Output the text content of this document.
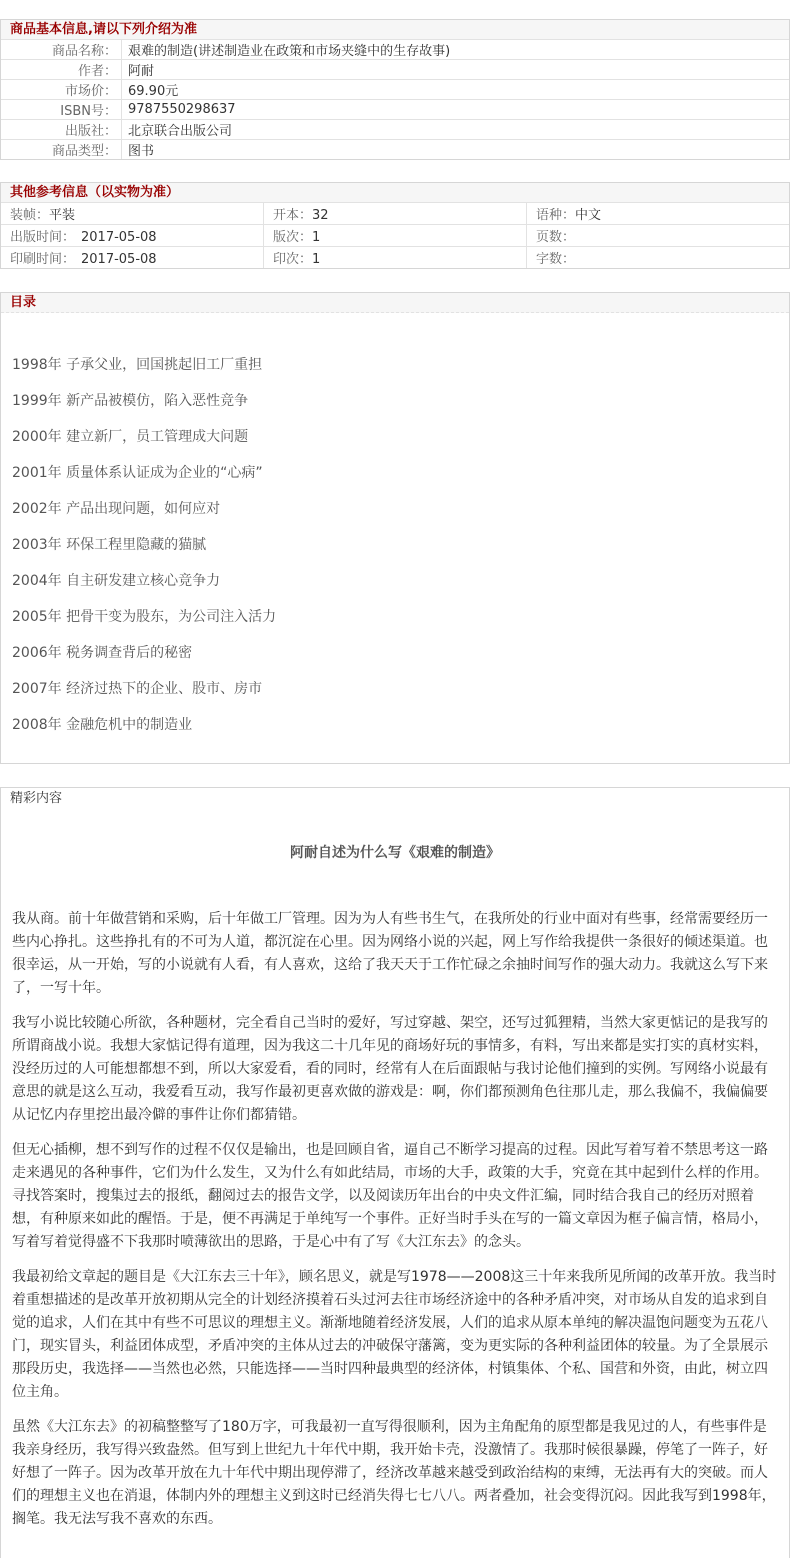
商品基本信息,请以下列介绍为准
商品名称：	艰难的制造(讲述制造业在政策和市场夹缝中的生存故事)
作者：	阿耐
市场价：	69.90元
ISBN号：	9787550298637
出版社：	北京联合出版公司
商品类型：	图书
其他参考信息（以实物为准）
装帧：平装	开本：32	语种：中文
出版时间： 2017-05-08	版次：1	页数：
印刷时间： 2017-05-08	印次：1	字数：
目录
1998年 子承父业，回国挑起旧工厂重担
1999年 新产品被模仿，陷入恶性竞争
2000年 建立新厂，员工管理成大问题
2001年 质量体系认证成为企业的“心病”
2002年 产品出现问题，如何应对
2003年 环保工程里隐藏的猫腻
2004年 自主研发建立核心竞争力
2005年 把骨干变为股东，为公司注入活力
2006年 税务调查背后的秘密
2007年 经济过热下的企业、股市、房市
2008年 金融危机中的制造业
精彩内容
阿耐自述为什么写《艰难的制造》

我从商。前十年做营销和采购，后十年做工厂管理。因为为人有些书生气，在我所处的行业中面对有些事，经常需要经历一些内心挣扎。这些挣扎有的不可为人道，都沉淀在心里。因为网络小说的兴起，网上写作给我提供一条很好的倾述渠道。也很幸运，从一开始，写的小说就有人看，有人喜欢，这给了我天天于工作忙碌之余抽时间写作的强大动力。我就这么写下来了，一写十年。

我写小说比较随心所欲，各种题材，完全看自己当时的爱好，写过穿越、架空，还写过狐狸精，当然大家更惦记的是我写的所谓商战小说。我想大家惦记得有道理，因为我这二十几年见的商场好玩的事情多，有料，写出来都是实打实的真材实料，没经历过的人可能想都想不到，所以大家爱看，看的同时，经常有人在后面跟帖与我讨论他们撞到的实例。写网络小说最有意思的就是这么互动，我爱看互动，我写作最初更喜欢做的游戏是：啊，你们都预测角色往那儿走，那么我偏不，我偏偏要从记忆内存里挖出最冷僻的事件让你们都猜错。

但无心插柳，想不到写作的过程不仅仅是输出，也是回顾自省，逼自己不断学习提高的过程。因此写着写着不禁思考这一路走来遇见的各种事件，它们为什么发生，又为什么有如此结局，市场的大手，政策的大手，究竟在其中起到什么样的作用。寻找答案时，搜集过去的报纸，翻阅过去的报告文学，以及阅读历年出台的中央文件汇编，同时结合我自己的经历对照着想，有种原来如此的醒悟。于是，便不再满足于单纯写一个事件。正好当时手头在写的一篇文章因为框子偏言情，格局小，写着写着觉得盛不下我那时喷薄欲出的思路，于是心中有了写《大江东去》的念头。

我最初给文章起的题目是《大江东去三十年》，顾名思义，就是写1978——2008这三十年来我所见所闻的改革开放。我当时着重想描述的是改革开放初期从完全的计划经济摸着石头过河去往市场经济途中的各种矛盾冲突，对市场从自发的追求到自觉的追求，人们在其中有些不可思议的理想主义。渐渐地随着经济发展，人们的追求从原本单纯的解决温饱问题变为五花八门，现实冒头，利益团体成型，矛盾冲突的主体从过去的冲破保守藩篱，变为更实际的各种利益团体的较量。为了全景展示那段历史，我选择——当然也必然，只能选择——当时四种最典型的经济体，村镇集体、个私、国营和外资，由此，树立四位主角。

虽然《大江东去》的初稿整整写了180万字，可我最初一直写得很顺利，因为主角配角的原型都是我见过的人，有些事件是我亲身经历，我写得兴致盎然。但写到上世纪九十年代中期，我开始卡壳，没激情了。我那时候很暴躁，停笔了一阵子，好好想了一阵子。因为改革开放在九十年代中期出现停滞了，经济改革越来越受到政治结构的束缚，无法再有大的突破。而人们的理想主义也在消退，体制内外的理想主义到这时已经消失得七七八八。两者叠加，社会变得沉闷。因此我写到1998年，搁笔。我无法写我不喜欢的东西。
